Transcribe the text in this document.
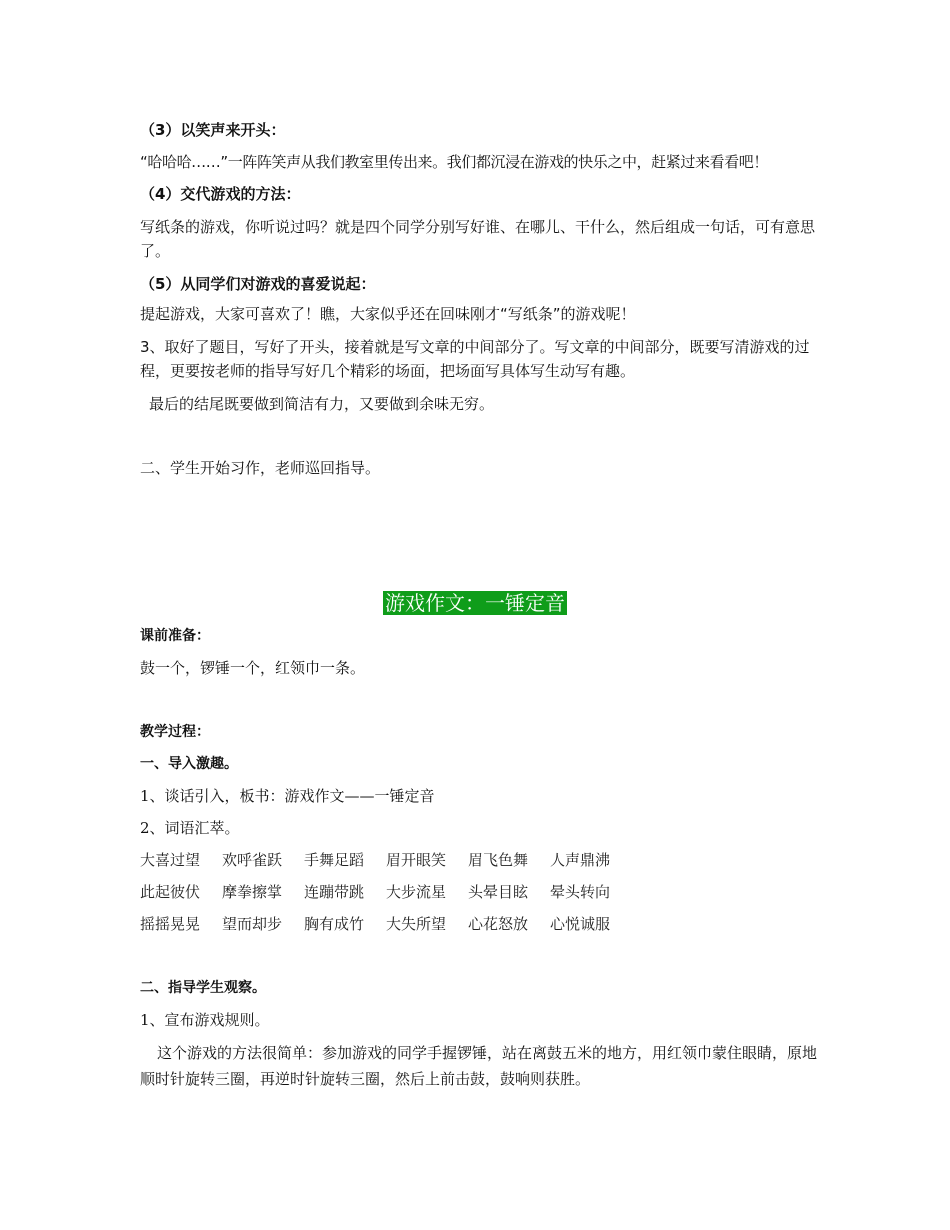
（3）以笑声来开头：
“哈哈哈……”一阵阵笑声从我们教室里传出来。我们都沉浸在游戏的快乐之中，赶紧过来看看吧！
（4）交代游戏的方法：
写纸条的游戏，你听说过吗？就是四个同学分别写好谁、在哪儿、干什么，然后组成一句话，可有意思了。
（5）从同学们对游戏的喜爱说起：
提起游戏，大家可喜欢了！瞧，大家似乎还在回味刚才“写纸条”的游戏呢！
3、取好了题目，写好了开头，接着就是写文章的中间部分了。写文章的中间部分，既要写清游戏的过程，更要按老师的指导写好几个精彩的场面，把场面写具体写生动写有趣。
最后的结尾既要做到简洁有力，又要做到余味无穷。
二、学生开始习作，老师巡回指导。
游戏作文：一锤定音
课前准备：
鼓一个，锣锤一个，红领巾一条。
教学过程：
一、导入激趣。
1、谈话引入，板书：游戏作文——一锤定音
2、词语汇萃。
大喜过望	欢呼雀跃	手舞足蹈	眉开眼笑	眉飞色舞	人声鼎沸
此起彼伏	摩拳擦掌	连蹦带跳	大步流星	头晕目眩	晕头转向
摇摇晃晃	望而却步	胸有成竹	大失所望	心花怒放	心悦诚服
二、指导学生观察。
1、宣布游戏规则。
这个游戏的方法很简单：参加游戏的同学手握锣锤，站在离鼓五米的地方，用红领巾蒙住眼睛，原地顺时针旋转三圈，再逆时针旋转三圈，然后上前击鼓，鼓响则获胜。
